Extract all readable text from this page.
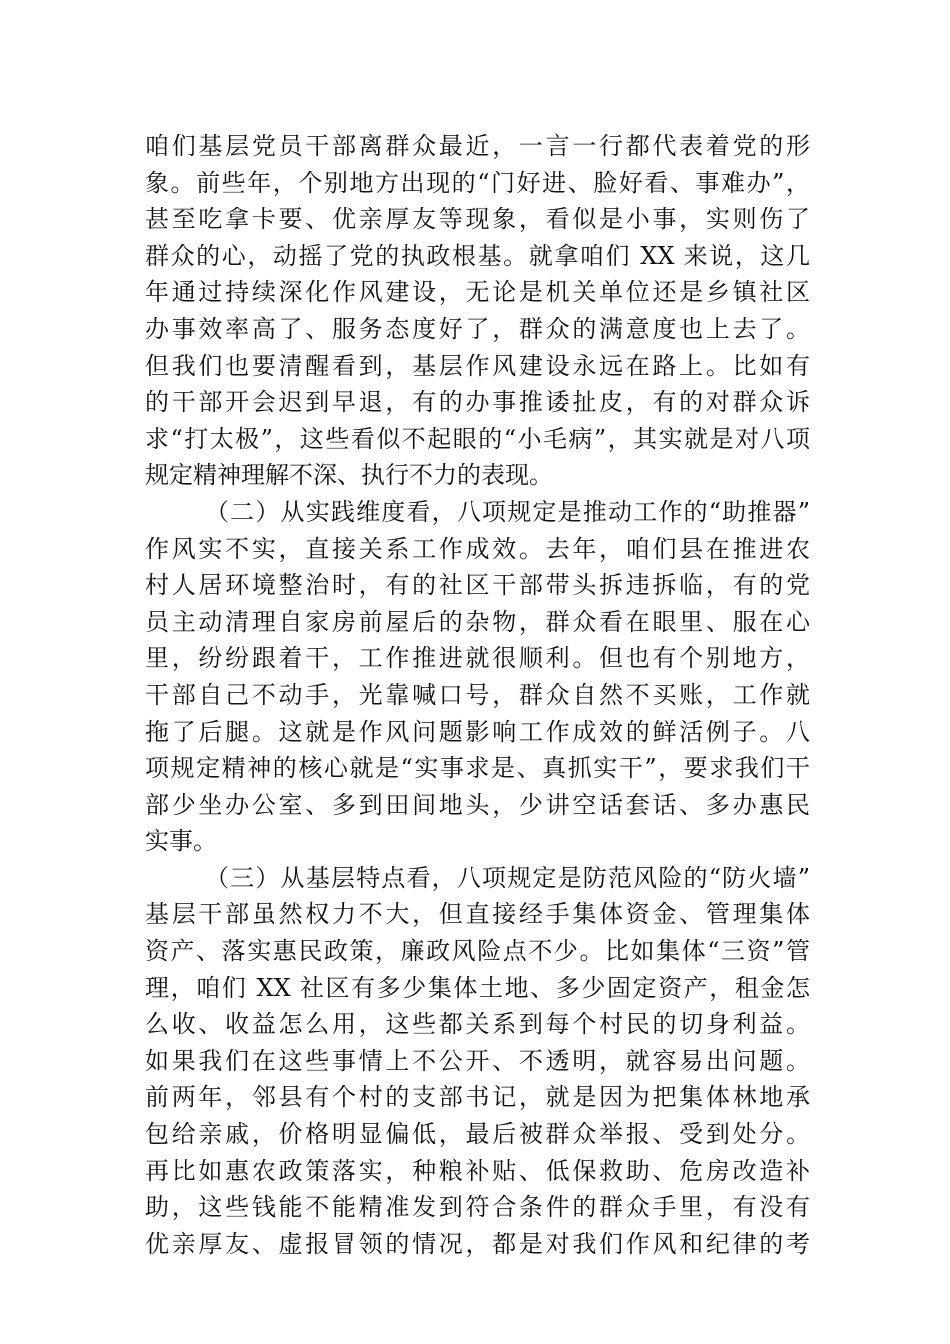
咱们基层党员干部离群众最近，一言一行都代表着党的形
象。前些年，个别地方出现的“门好进、脸好看、事难办”，
甚至吃拿卡要、优亲厚友等现象，看似是小事，实则伤了
群众的心，动摇了党的执政根基。就拿咱们 XX 来说，这几
年通过持续深化作风建设，无论是机关单位还是乡镇社区
办事效率高了、服务态度好了，群众的满意度也上去了。
但我们也要清醒看到，基层作风建设永远在路上。比如有
的干部开会迟到早退，有的办事推诿扯皮，有的对群众诉
求“打太极”，这些看似不起眼的“小毛病”，其实就是对八项
规定精神理解不深、执行不力的表现。
（二）从实践维度看，八项规定是推动工作的“助推器”
作风实不实，直接关系工作成效。去年，咱们县在推进农
村人居环境整治时，有的社区干部带头拆违拆临，有的党
员主动清理自家房前屋后的杂物，群众看在眼里、服在心
里，纷纷跟着干，工作推进就很顺利。但也有个别地方，
干部自己不动手，光靠喊口号，群众自然不买账，工作就
拖了后腿。这就是作风问题影响工作成效的鲜活例子。八
项规定精神的核心就是“实事求是、真抓实干”，要求我们干
部少坐办公室、多到田间地头，少讲空话套话、多办惠民
实事。
（三）从基层特点看，八项规定是防范风险的“防火墙”
基层干部虽然权力不大，但直接经手集体资金、管理集体
资产、落实惠民政策，廉政风险点不少。比如集体“三资”管
理，咱们 XX 社区有多少集体土地、多少固定资产，租金怎
么收、收益怎么用，这些都关系到每个村民的切身利益。
如果我们在这些事情上不公开、不透明，就容易出问题。
前两年，邻县有个村的支部书记，就是因为把集体林地承
包给亲戚，价格明显偏低，最后被群众举报、受到处分。
再比如惠农政策落实，种粮补贴、低保救助、危房改造补
助，这些钱能不能精准发到符合条件的群众手里，有没有
优亲厚友、虚报冒领的情况，都是对我们作风和纪律的考
